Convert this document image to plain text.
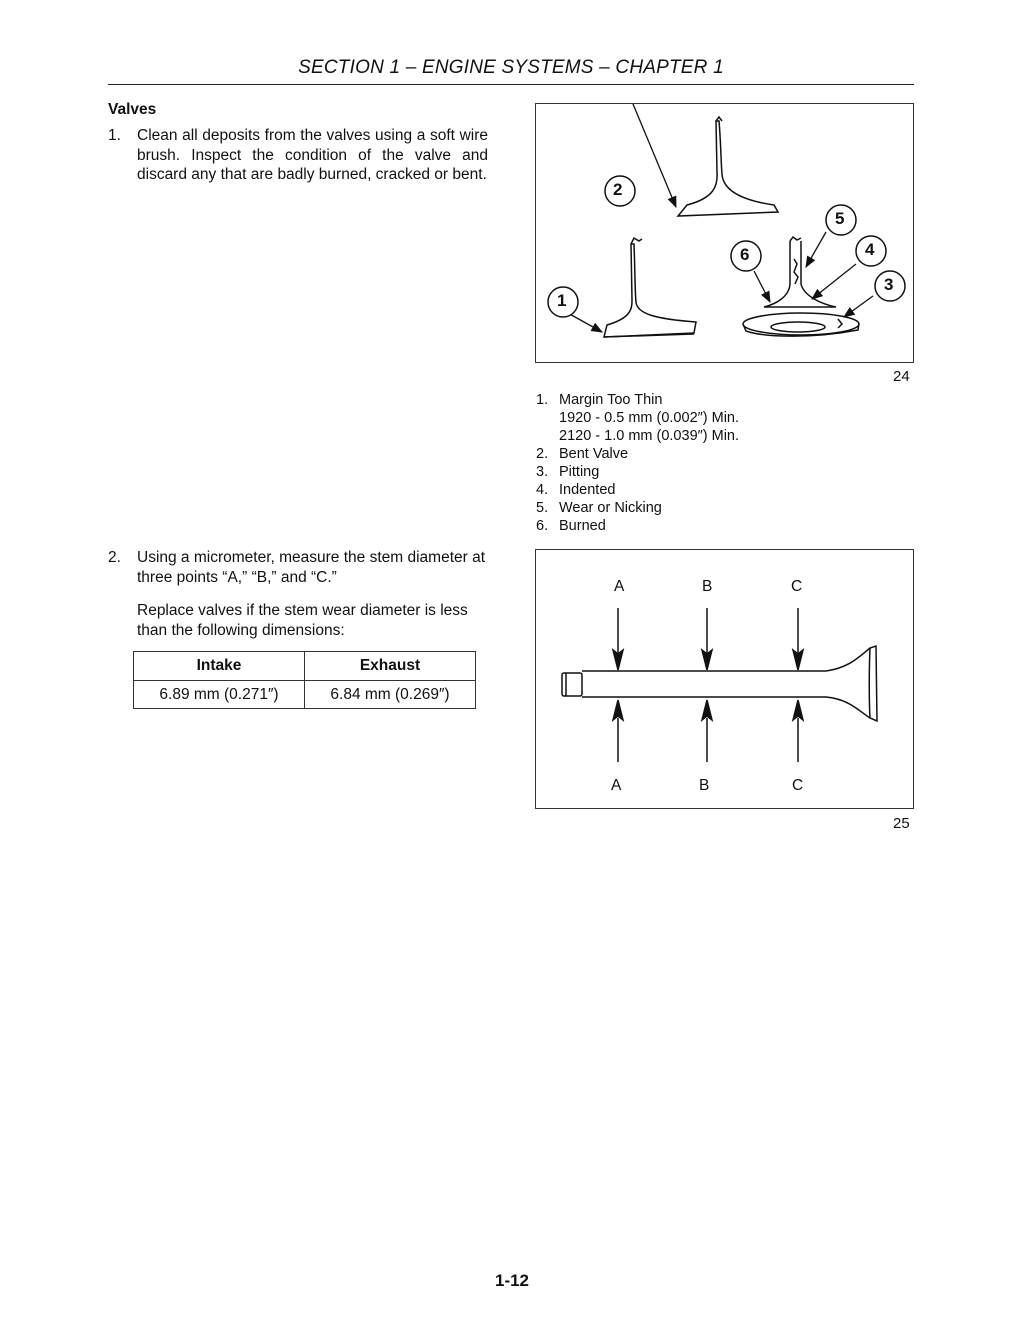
SECTION 1 – ENGINE SYSTEMS – CHAPTER 1
Valves
1. Clean all deposits from the valves using a soft wire brush. Inspect the condition of the valve and discard any that are badly burned, cracked or bent.
2. Using a micrometer, measure the stem diameter at three points “A,” “B,” and “C.”
Replace valves if the stem wear diameter is less than the following dimensions:
Intake	Exhaust
6.89 mm (0.271″)	6.84 mm (0.269″)
2
1
5
4
3
6
24
1. Margin Too Thin
1920 - 0.5 mm (0.002″) Min.
2120 - 1.0 mm (0.039″) Min.
2. Bent Valve
3. Pitting
4. Indented
5. Wear or Nicking
6. Burned
A	B	C
A	B	C
25
1-12
